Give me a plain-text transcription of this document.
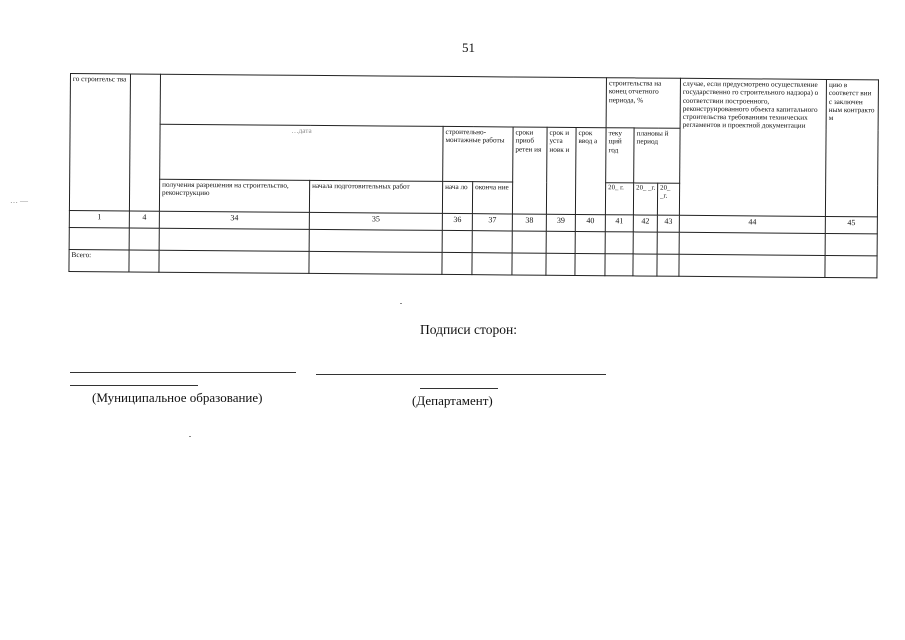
51
го строительс тва									строительства на конец отчетного периода, %			случае, если предусмотрено осуществление государственно го строительного надзора) о соответствии построенного, реконструированного объекта капитального строительства требованиям технических регламентов и проектной документации	цию в соответст вии с заключен ным контракто м
		…дата		строительно-монтажные работы		сроки приоб ретен ия	срок и уста новк и	срок ввод а	теку щий год	плановы й период			
		получения разрешения на строительство, реконструкцию	начала подготовительных работ	нача ло	оконча ние				20_ г.	20_ _г.	20_ _г.		
1	4	34	35	36	37	38	39	40	41	42	43	44	45

Всего:													
… —
Подписи сторон:
(Муниципальное образование)	(Департамент)
